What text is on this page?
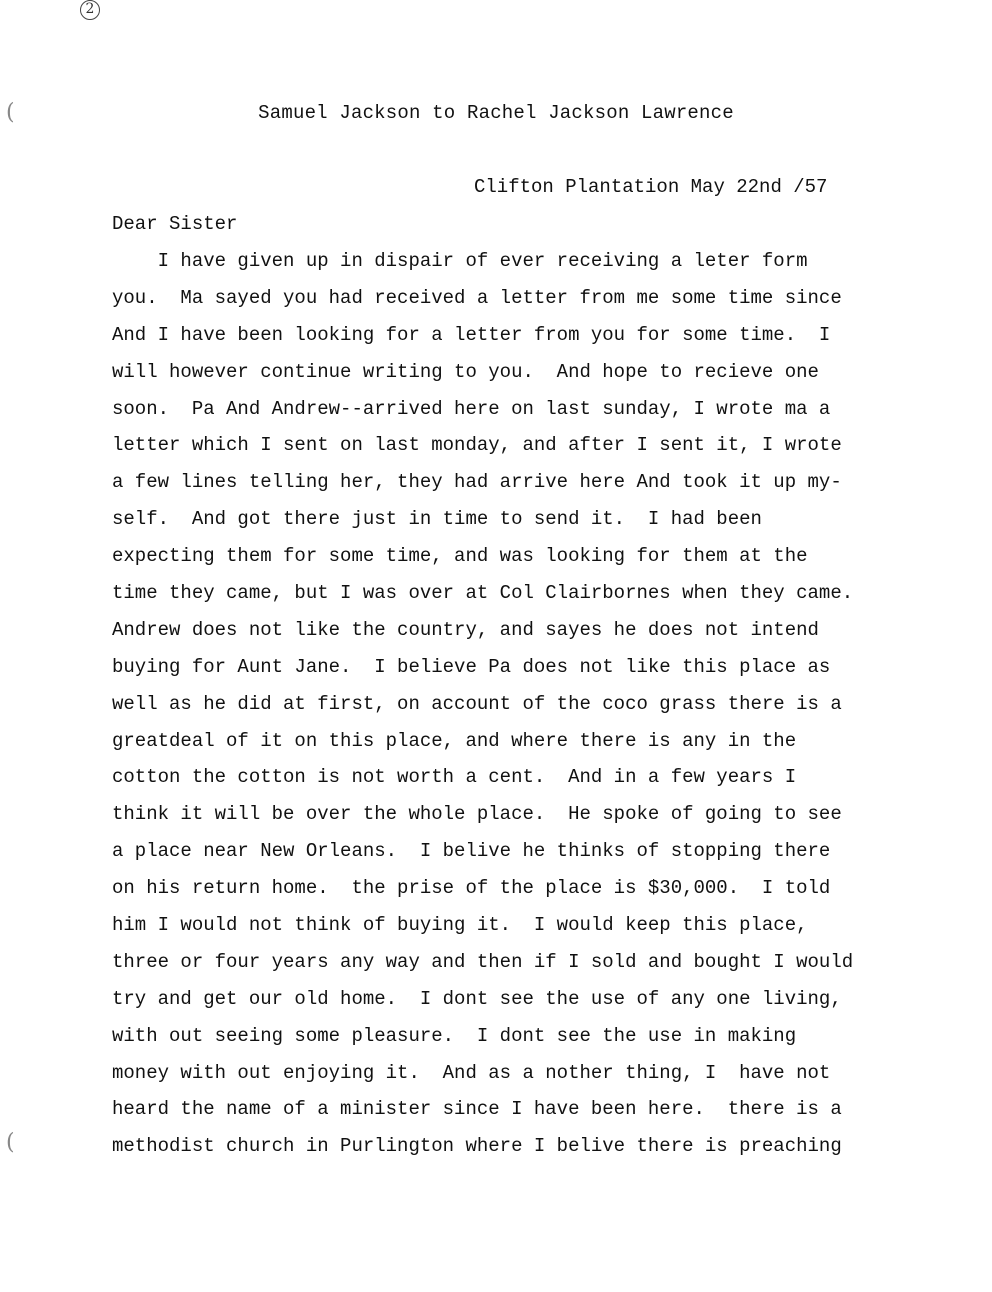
2
(
(
Samuel Jackson to Rachel Jackson Lawrence
Clifton Plantation May 22nd /57
Dear Sister
I have given up in dispair of ever receiving a leter form
you.  Ma sayed you had received a letter from me some time since
And I have been looking for a letter from you for some time.  I
will however continue writing to you.  And hope to recieve one
soon.  Pa And Andrew--arrived here on last sunday, I wrote ma a
letter which I sent on last monday, and after I sent it, I wrote
a few lines telling her, they had arrive here And took it up my-
self.  And got there just in time to send it.  I had been
expecting them for some time, and was looking for them at the
time they came, but I was over at Col Clairbornes when they came.
Andrew does not like the country, and sayes he does not intend
buying for Aunt Jane.  I believe Pa does not like this place as
well as he did at first, on account of the coco grass there is a
greatdeal of it on this place, and where there is any in the
cotton the cotton is not worth a cent.  And in a few years I
think it will be over the whole place.  He spoke of going to see
a place near New Orleans.  I belive he thinks of stopping there
on his return home.  the prise of the place is $30,000.  I told
him I would not think of buying it.  I would keep this place,
three or four years any way and then if I sold and bought I would
try and get our old home.  I dont see the use of any one living,
with out seeing some pleasure.  I dont see the use in making
money with out enjoying it.  And as a nother thing, I  have not
heard the name of a minister since I have been here.  there is a
methodist church in Purlington where I belive there is preaching
